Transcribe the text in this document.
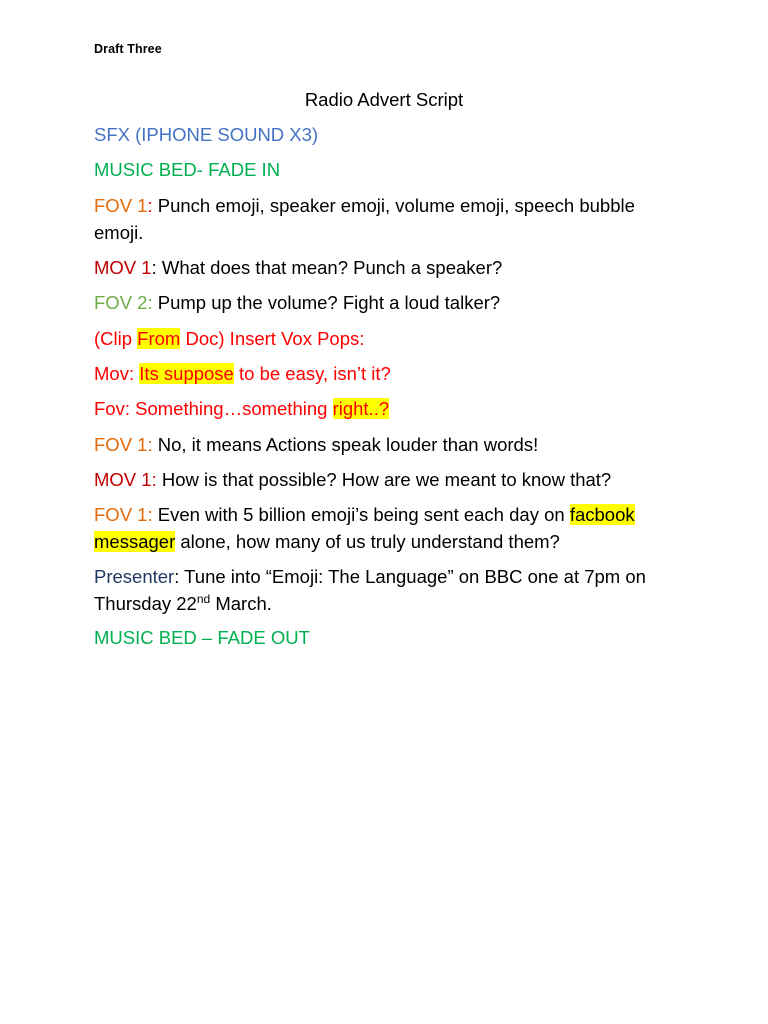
Draft Three
Radio Advert Script
SFX (IPHONE SOUND X3)
MUSIC BED- FADE IN
FOV 1: Punch emoji, speaker emoji, volume emoji, speech bubble emoji.
MOV 1: What does that mean? Punch a speaker?
FOV 2: Pump up the volume? Fight a loud talker?
(Clip From Doc) Insert Vox Pops:
Mov: Its suppose to be easy, isn’t it?
Fov: Something…something right..?
FOV 1: No, it means Actions speak louder than words!
MOV 1: How is that possible? How are we meant to know that?
FOV 1: Even with 5 billion emoji’s being sent each day on facbook
messager alone, how many of us truly understand them?
Presenter: Tune into “Emoji: The Language” on BBC one at 7pm on Thursday 22nd March.
MUSIC BED – FADE OUT
